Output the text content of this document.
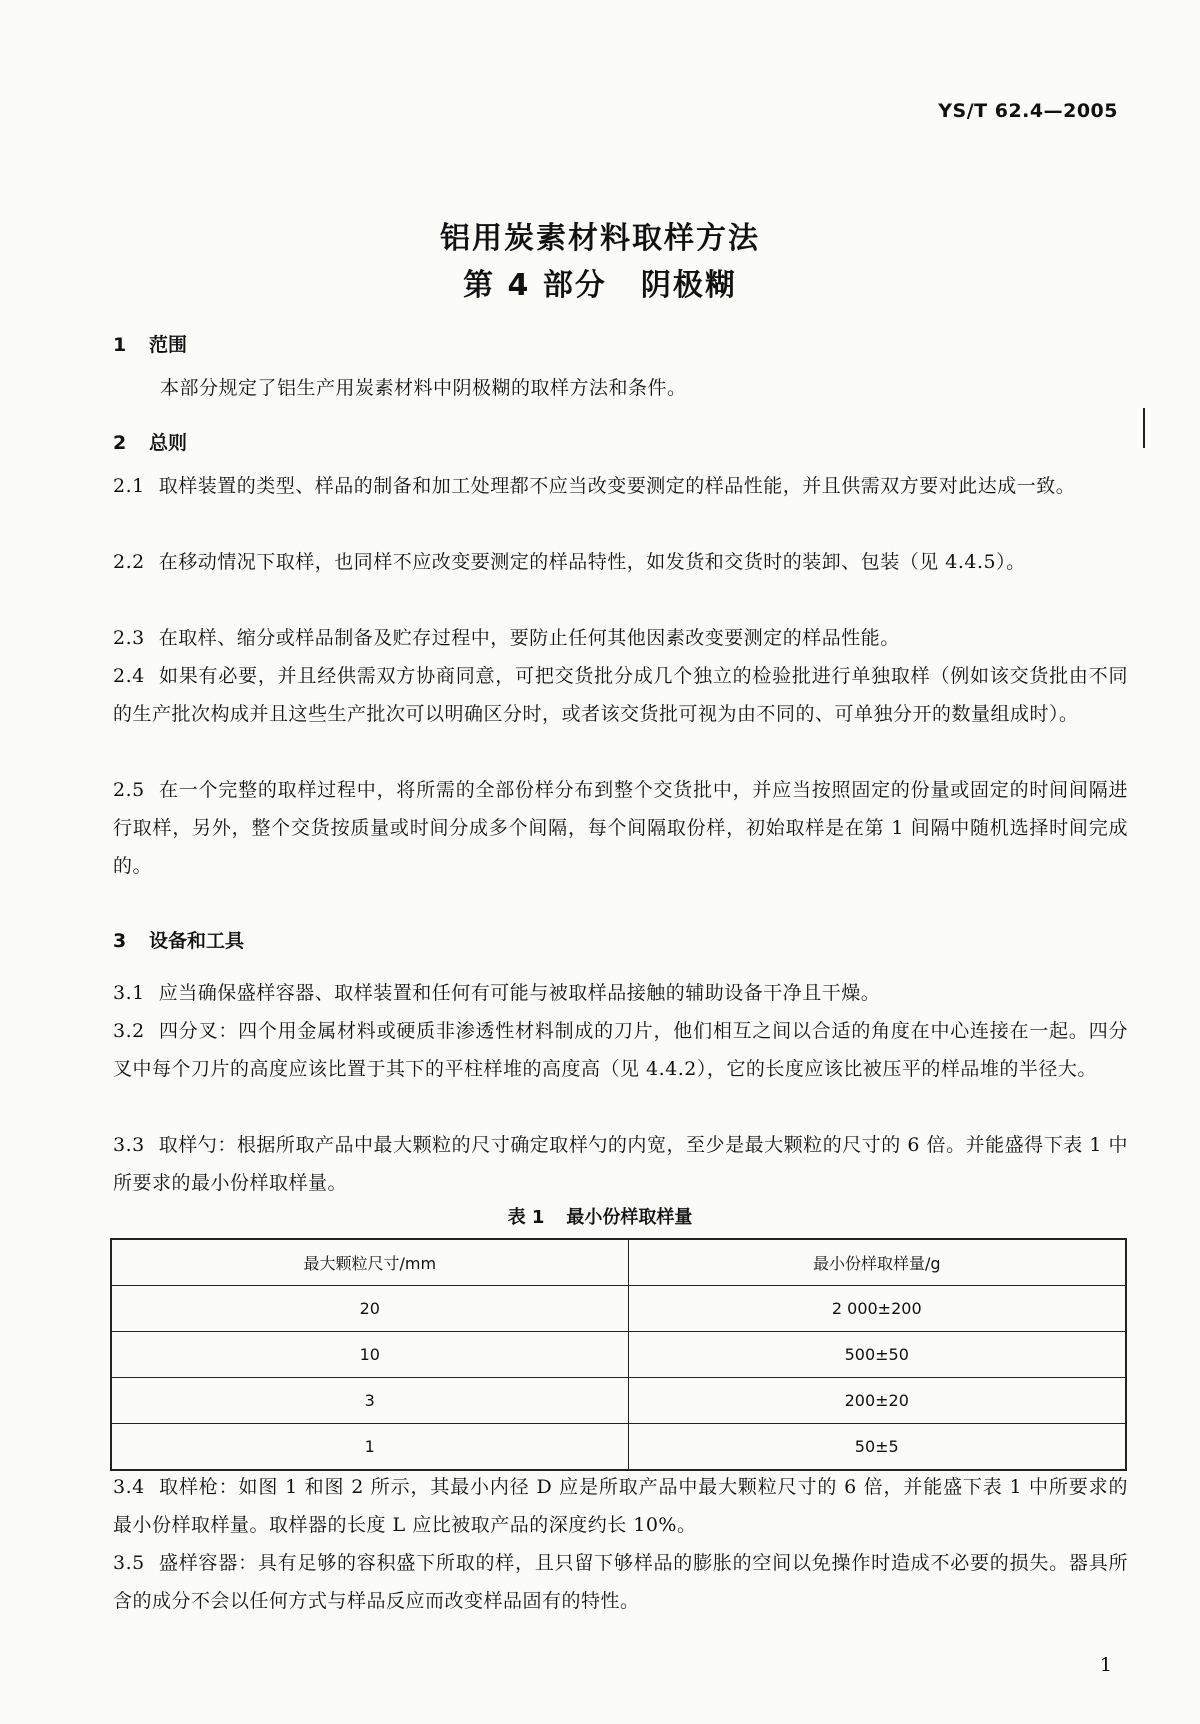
YS/T 62.4—2005
铝用炭素材料取样方法
第 4 部分 阴极糊
1 范围
本部分规定了铝生产用炭素材料中阴极糊的取样方法和条件。
2 总则
2.1 取样装置的类型、样品的制备和加工处理都不应当改变要测定的样品性能，并且供需双方要对此达成一致。
2.2 在移动情况下取样，也同样不应改变要测定的样品特性，如发货和交货时的装卸、包装（见 4.4.5）。
2.3 在取样、缩分或样品制备及贮存过程中，要防止任何其他因素改变要测定的样品性能。
2.4 如果有必要，并且经供需双方协商同意，可把交货批分成几个独立的检验批进行单独取样（例如该交货批由不同的生产批次构成并且这些生产批次可以明确区分时，或者该交货批可视为由不同的、可单独分开的数量组成时）。
2.5 在一个完整的取样过程中，将所需的全部份样分布到整个交货批中，并应当按照固定的份量或固定的时间间隔进行取样，另外，整个交货按质量或时间分成多个间隔，每个间隔取份样，初始取样是在第 1 间隔中随机选择时间完成的。
3 设备和工具
3.1 应当确保盛样容器、取样装置和任何有可能与被取样品接触的辅助设备干净且干燥。
3.2 四分叉：四个用金属材料或硬质非渗透性材料制成的刀片，他们相互之间以合适的角度在中心连接在一起。四分叉中每个刀片的高度应该比置于其下的平柱样堆的高度高（见 4.4.2），它的长度应该比被压平的样品堆的半径大。
3.3 取样勺：根据所取产品中最大颗粒的尺寸确定取样勺的内宽，至少是最大颗粒的尺寸的 6 倍。并能盛得下表 1 中所要求的最小份样取样量。
表 1 最小份样取样量
最大颗粒尺寸/mm	最小份样取样量/g
20	2 000±200
10	500±50
3	200±20
1	50±5
3.4 取样枪：如图 1 和图 2 所示，其最小内径 D 应是所取产品中最大颗粒尺寸的 6 倍，并能盛下表 1 中所要求的最小份样取样量。取样器的长度 L 应比被取产品的深度约长 10%。
3.5 盛样容器：具有足够的容积盛下所取的样，且只留下够样品的膨胀的空间以免操作时造成不必要的损失。器具所含的成分不会以任何方式与样品反应而改变样品固有的特性。
1
